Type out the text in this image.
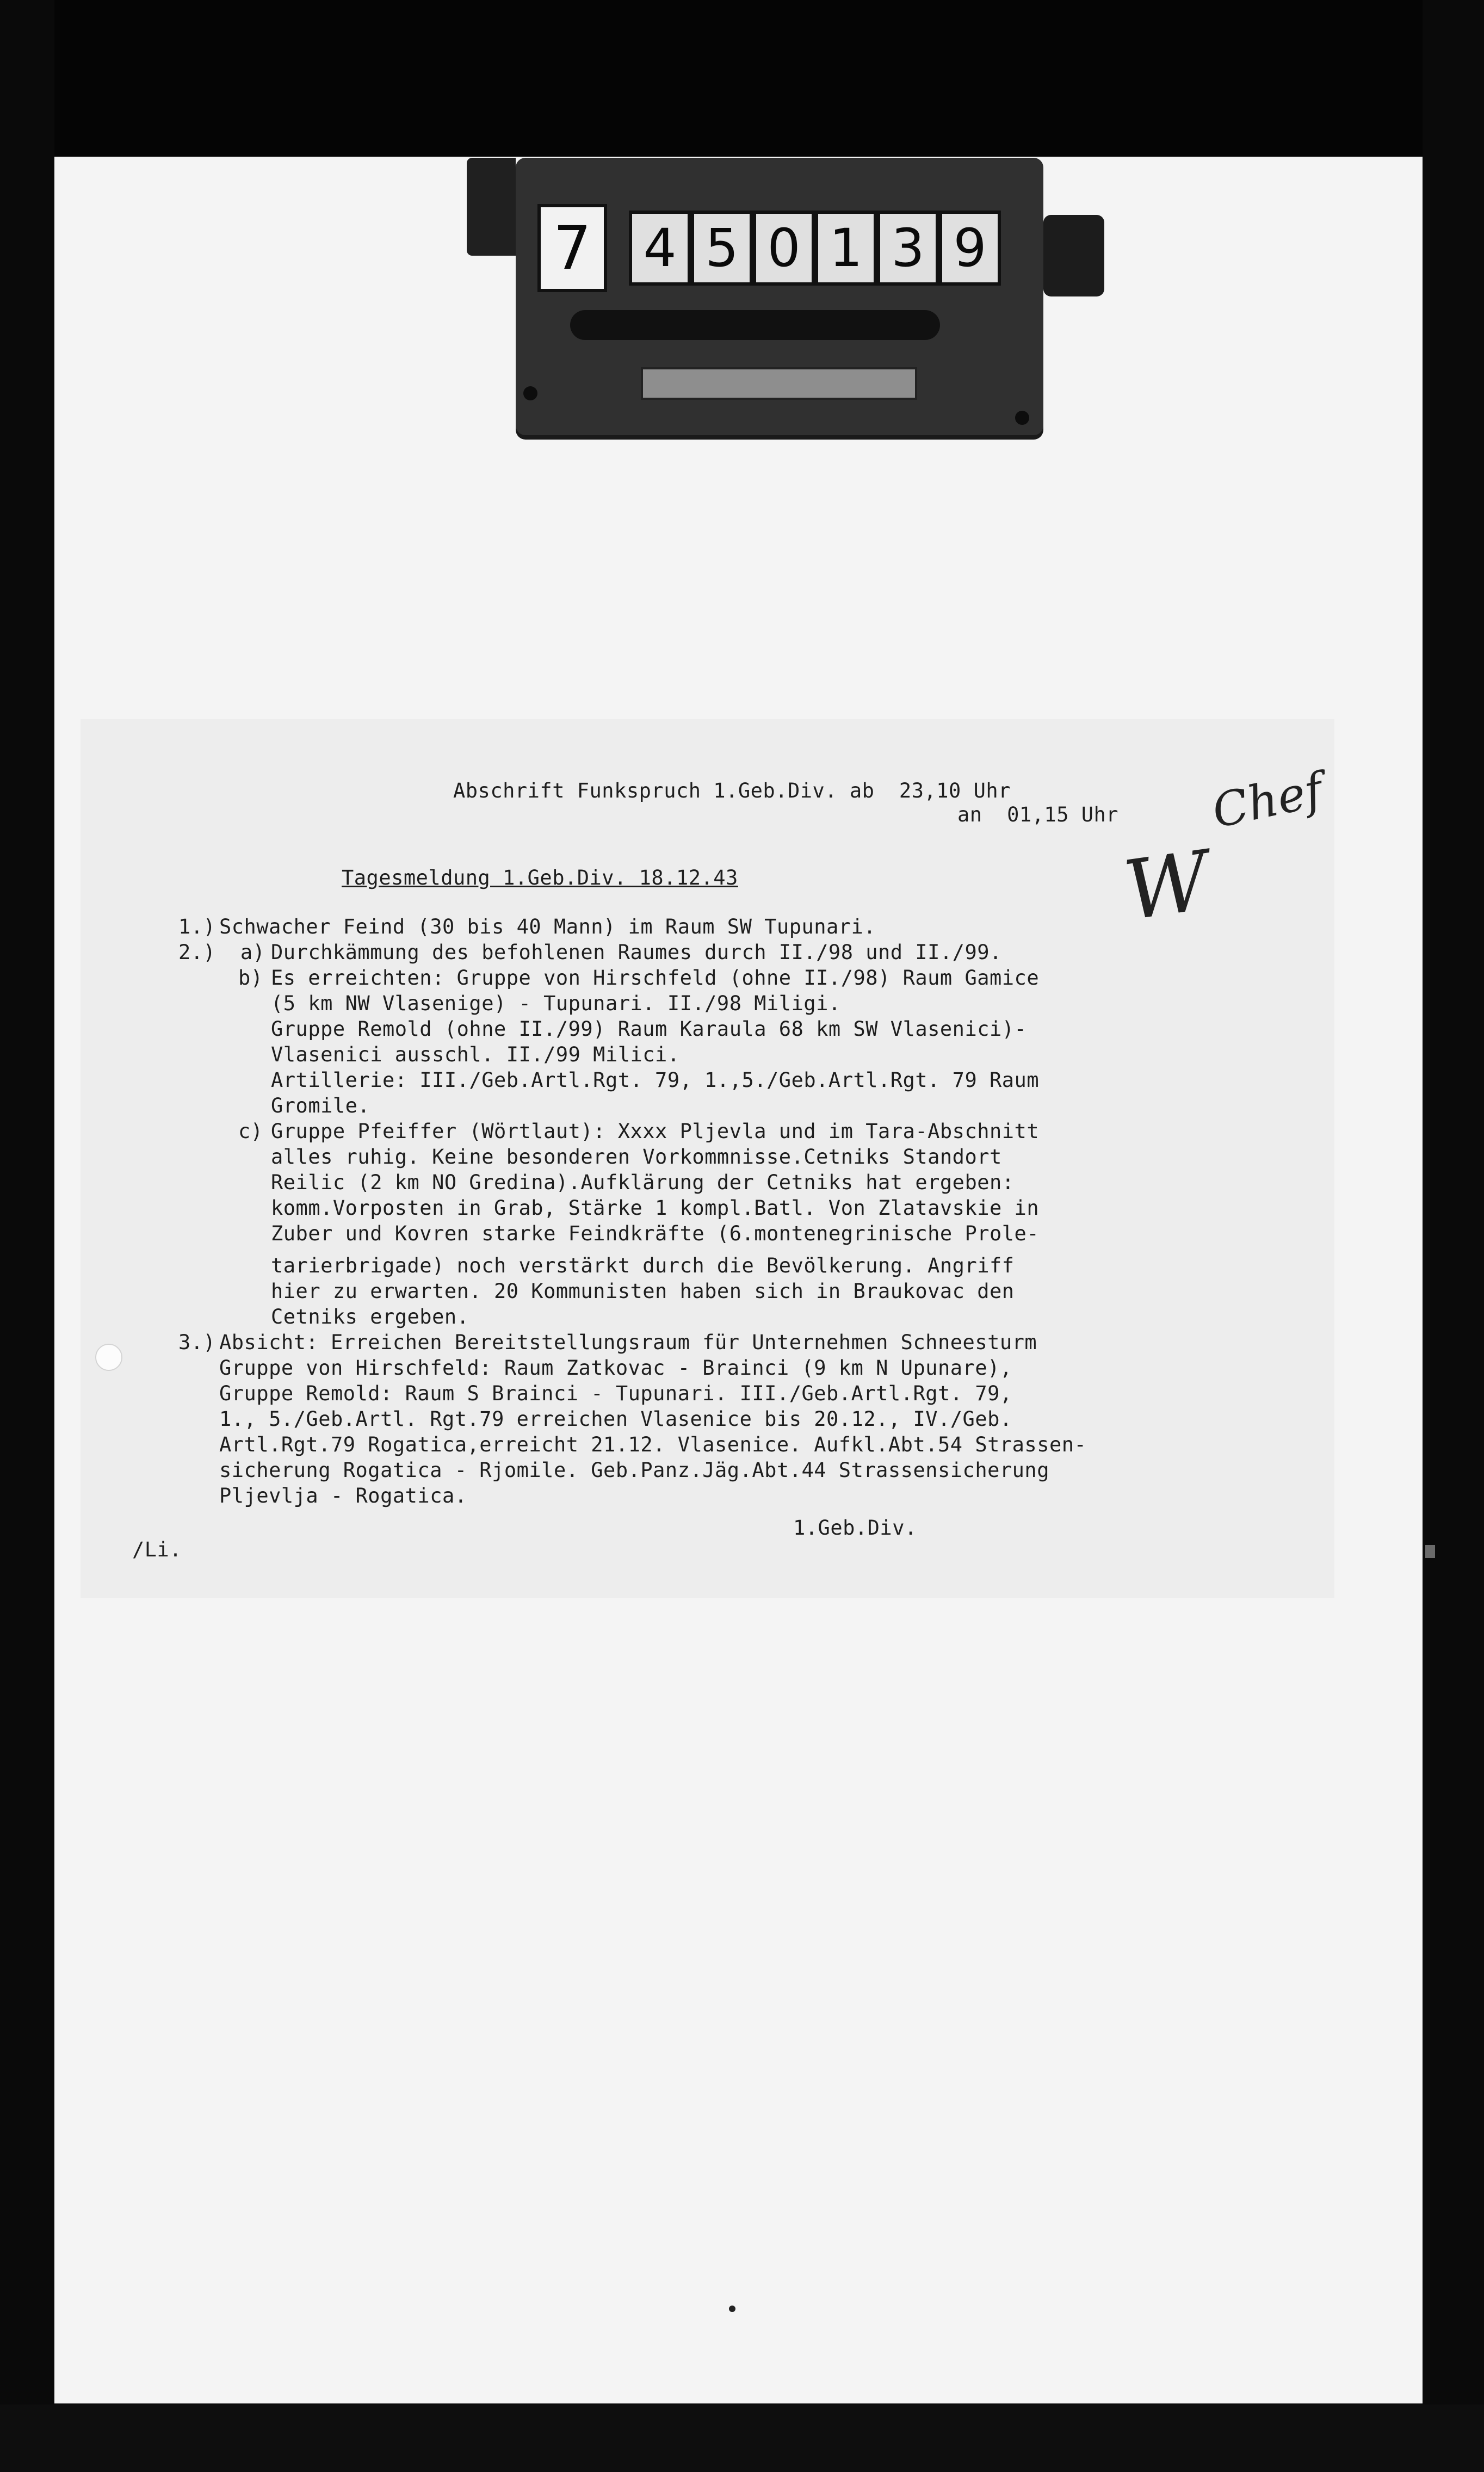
7 4 5 0 1 3 9
Abschrift Funkspruch 1.Geb.Div. ab  23,10 Uhr
an  01,15 Uhr Chef
W
Tagesmeldung 1.Geb.Div. 18.12.43
1.) Schwacher Feind (30 bis 40 Mann) im Raum SW Tupunari.
2.)  a) Durchkämmung des befohlenen Raumes durch II./98 und II./99.
b) Es erreichten: Gruppe von Hirschfeld (ohne II./98) Raum Gamice
(5 km NW Vlasenige) - Tupunari. II./98 Miligi.
Gruppe Remold (ohne II./99) Raum Karaula 68 km SW Vlasenici)-
Vlasenici ausschl. II./99 Milici.
Artillerie: III./Geb.Artl.Rgt. 79, 1.,5./Geb.Artl.Rgt. 79 Raum
Gromile.
c) Gruppe Pfeiffer (Wörtlaut): Xxxx Pljevla und im Tara-Abschnitt
alles ruhig. Keine besonderen Vorkommnisse.Cetniks Standort
Reilic (2 km NO Gredina).Aufklärung der Cetniks hat ergeben:
komm.Vorposten in Grab, Stärke 1 kompl.Batl. Von Zlatavskie in
Zuber und Kovren starke Feindkräfte (6.montenegrinische Prole-
tarierbrigade) noch verstärkt durch die Bevölkerung. Angriff
hier zu erwarten. 20 Kommunisten haben sich in Braukovac den
Cetniks ergeben.
3.) Absicht: Erreichen Bereitstellungsraum für Unternehmen Schneesturm
Gruppe von Hirschfeld: Raum Zatkovac - Brainci (9 km N Upunare),
Gruppe Remold: Raum S Brainci - Tupunari. III./Geb.Artl.Rgt. 79,
1., 5./Geb.Artl. Rgt.79 erreichen Vlasenice bis 20.12., IV./Geb.
Artl.Rgt.79 Rogatica,erreicht 21.12. Vlasenice. Aufkl.Abt.54 Strassen-
sicherung Rogatica - Rjomile. Geb.Panz.Jäg.Abt.44 Strassensicherung
Pljevlja - Rogatica.
1.Geb.Div.
/Li.
